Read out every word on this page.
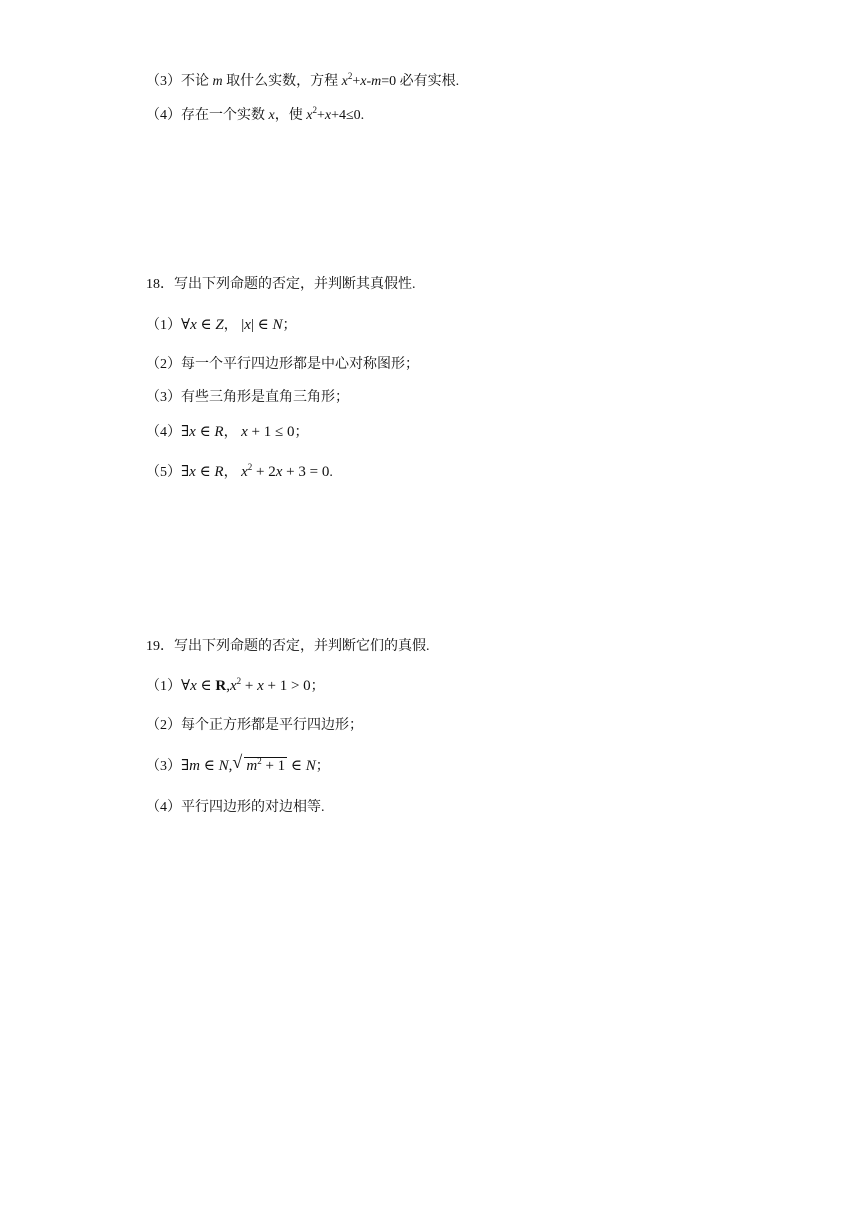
（3）不论 m 取什么实数，方程 $x^2+x-m=0$ 必有实根.
（4）存在一个实数 x，使 $x^2+x+4\le 0$.
18．写出下列命题的否定，并判断其真假性.
（1）∀x ∈ Z， |x| ∈ N；
（2）每一个平行四边形都是中心对称图形；
（3）有些三角形是直角三角形；
（4）∃x ∈ R， x + 1 ≤ 0；
（5）∃x ∈ R， $x^2 + 2x + 3 = 0$.
19．写出下列命题的否定，并判断它们的真假.
（1）∀x ∈ $R,x^2 + x + 1 > 0$；
（2）每个正方形都是平行四边形；
（3）∃m ∈ N, √ $m^2 + 1$ ∈ N；
（4）平行四边形的对边相等.
